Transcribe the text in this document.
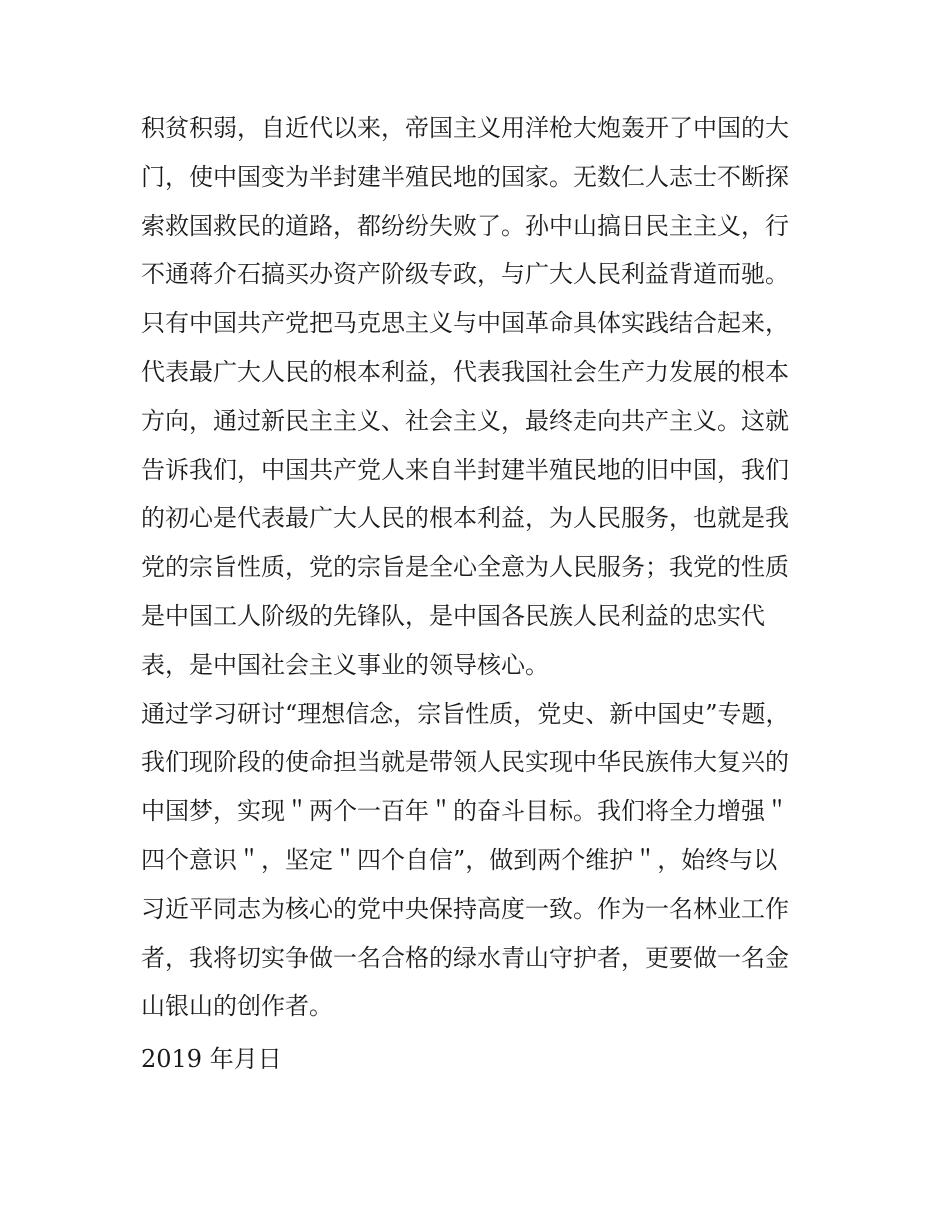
积贫积弱，自近代以来，帝国主义用洋枪大炮轰开了中国的大
门，使中国变为半封建半殖民地的国家。无数仁人志士不断探
索救国救民的道路，都纷纷失败了。孙中山搞日民主主义，行
不通蒋介石搞买办资产阶级专政，与广大人民利益背道而驰。
只有中国共产党把马克思主义与中国革命具体实践结合起来，
代表最广大人民的根本利益，代表我国社会生产力发展的根本
方向，通过新民主主义、社会主义，最终走向共产主义。这就
告诉我们，中国共产党人来自半封建半殖民地的旧中国，我们
的初心是代表最广大人民的根本利益，为人民服务，也就是我
党的宗旨性质，党的宗旨是全心全意为人民服务；我党的性质
是中国工人阶级的先锋队，是中国各民族人民利益的忠实代
表，是中国社会主义事业的领导核心。
通过学习研讨“理想信念，宗旨性质，党史、新中国史”专题，
我们现阶段的使命担当就是带领人民实现中华民族伟大复兴的
中国梦，实现＂两个一百年＂的奋斗目标。我们将全力增强＂
四个意识＂，坚定＂四个自信”，做到两个维护＂，始终与以
习近平同志为核心的党中央保持高度一致。作为一名林业工作
者，我将切实争做一名合格的绿水青山守护者，更要做一名金
山银山的创作者。
2019 年月日
